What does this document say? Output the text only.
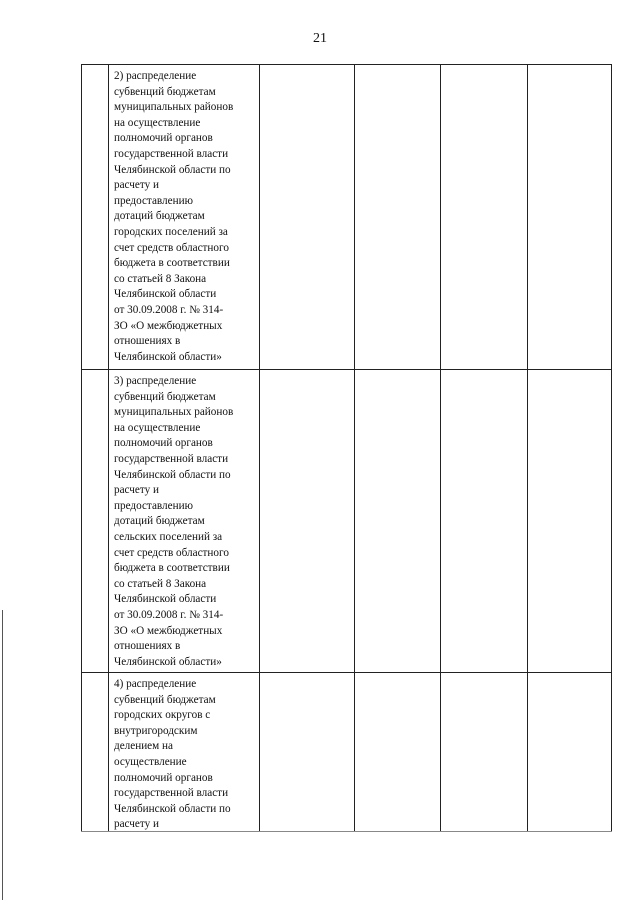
21
2) распределение
субвенций бюджетам
муниципальных районов
на осуществление
полномочий органов
государственной власти
Челябинской области по
расчету и
предоставлению
дотаций бюджетам
городских поселений за
счет средств областного
бюджета в соответствии
со статьей 8 Закона
Челябинской области
от 30.09.2008 г. № 314-
ЗО «О межбюджетных
отношениях в
Челябинской области»
3) распределение
субвенций бюджетам
муниципальных районов
на осуществление
полномочий органов
государственной власти
Челябинской области по
расчету и
предоставлению
дотаций бюджетам
сельских поселений за
счет средств областного
бюджета в соответствии
со статьей 8 Закона
Челябинской области
от 30.09.2008 г. № 314-
ЗО «О межбюджетных
отношениях в
Челябинской области»
4) распределение
субвенций бюджетам
городских округов с
внутригородским
делением на
осуществление
полномочий органов
государственной власти
Челябинской области по
расчету и
